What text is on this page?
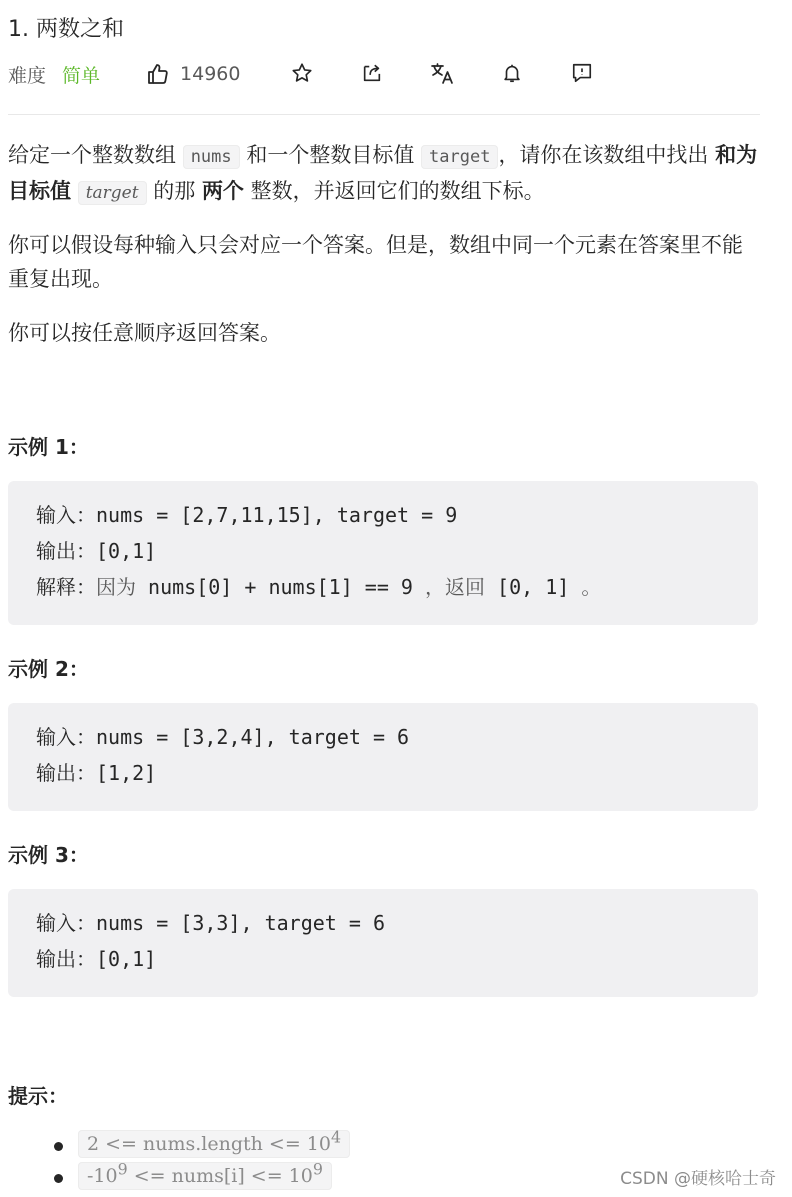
1. 两数之和
难度 简单	14960
给定一个整数数组 nums 和一个整数目标值 target ，请你在该数组中找出 和为目标值 target 的那 两个 整数，并返回它们的数组下标。
你可以假设每种输入只会对应一个答案。但是，数组中同一个元素在答案里不能重复出现。
你可以按任意顺序返回答案。
示例 1：
输入：nums = [2,7,11,15], target = 9
输出：[0,1]
解释：因为 nums[0] + nums[1] == 9 ，返回 [0, 1] 。
示例 2：
输入：nums = [3,2,4], target = 6
输出：[1,2]
示例 3：
输入：nums = [3,3], target = 6
输出：[0,1]
提示：
2 <= nums.length <= $10^4$
$-10^9$ <= nums[i] <= $10^9$	CSDN @硬核哈士奇
